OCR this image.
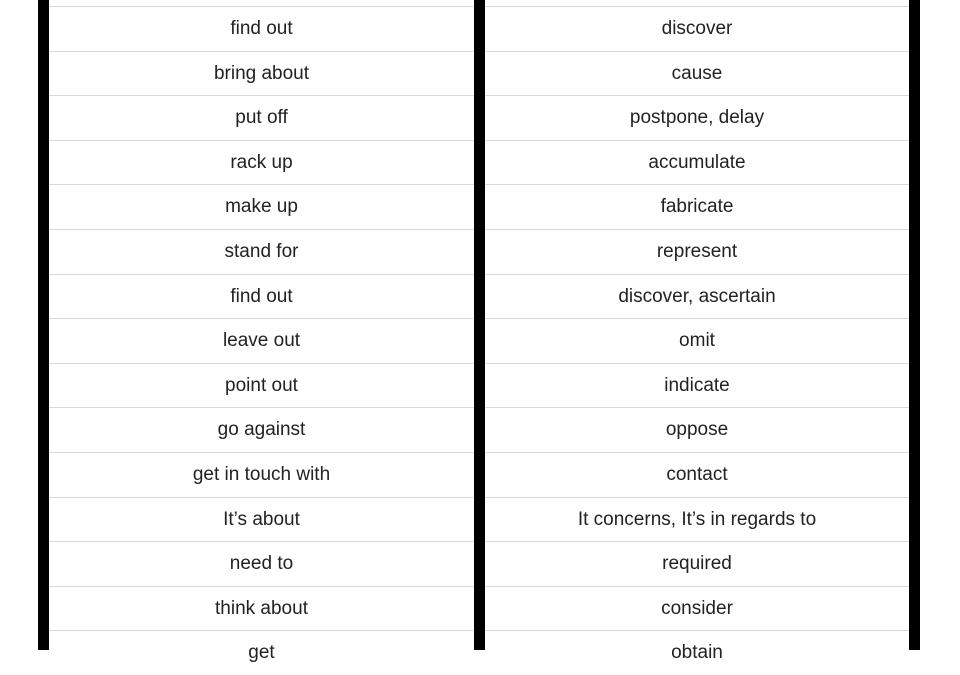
find out
bring about
put off
rack up
make up
stand for
find out
leave out
point out
go against
get in touch with
It’s about
need to
think about
get
discover
cause
postpone, delay
accumulate
fabricate
represent
discover, ascertain
omit
indicate
oppose
contact
It concerns, It’s in regards to
required
consider
obtain
